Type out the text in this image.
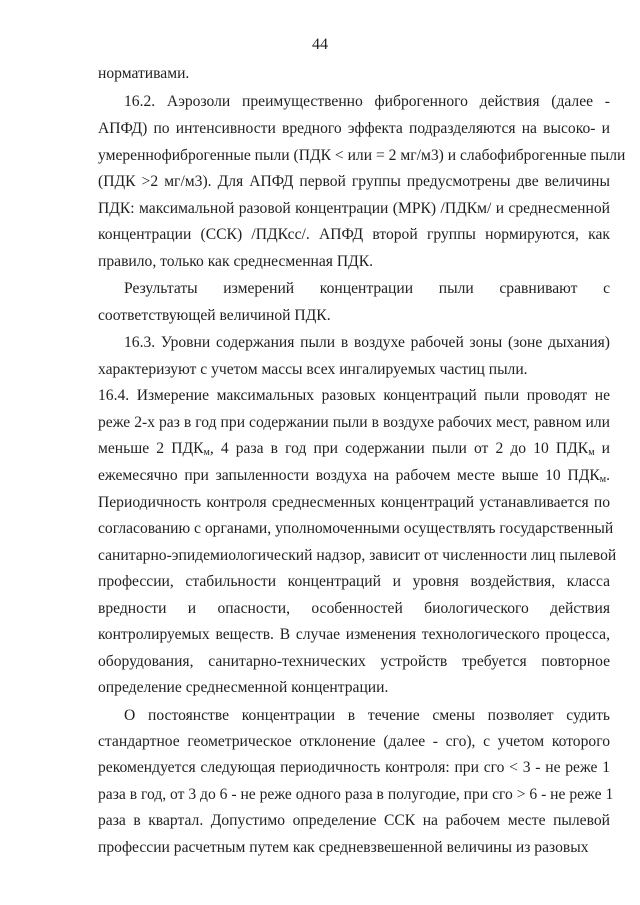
44
нормативами.
16.2. Аэрозоли преимущественно фиброгенного действия (далее -
АПФД) по интенсивности вредного эффекта подразделяются на высоко- и
умереннофиброгенные пыли (ПДК < или = 2 мг/м3) и слабофиброгенные пыли
(ПДК >2 мг/м3). Для АПФД первой группы предусмотрены две величины
ПДК: максимальной разовой концентрации (МРК) /ПДКм/ и среднесменной
концентрации (ССК) /ПДКсс/. АПФД второй группы нормируются, как
правило, только как среднесменная ПДК.
Результаты измерений концентрации пыли сравнивают с
соответствующей величиной ПДК.
16.3. Уровни содержания пыли в воздухе рабочей зоны (зоне дыхания)
характеризуют с учетом массы всех ингалируемых частиц пыли.
16.4. Измерение максимальных разовых концентраций пыли проводят не
реже 2-х раз в год при содержании пыли в воздухе рабочих мест, равном или
меньше 2 $ПДК_м$, 4 раза в год при содержании пыли от 2 до 10 $ПДК_м$ и
ежемесячно при запыленности воздуха на рабочем месте выше 10 $ПДК_м$.
Периодичность контроля среднесменных концентраций устанавливается по
согласованию с органами, уполномоченными осуществлять государственный
санитарно-эпидемиологический надзор, зависит от численности лиц пылевой
профессии, стабильности концентраций и уровня воздействия, класса
вредности и опасности, особенностей биологического действия
контролируемых веществ. В случае изменения технологического процесса,
оборудования, санитарно-технических устройств требуется повторное
определение среднесменной концентрации.
О постоянстве концентрации в течение смены позволяет судить
стандартное геометрическое отклонение (далее - сго), с учетом которого
рекомендуется следующая периодичность контроля: при сго < 3 - не реже 1
раза в год, от 3 до 6 - не реже одного раза в полугодие, при сго > 6 - не реже 1
раза в квартал. Допустимо определение ССК на рабочем месте пылевой
профессии расчетным путем как средневзвешенной величины из разовых
